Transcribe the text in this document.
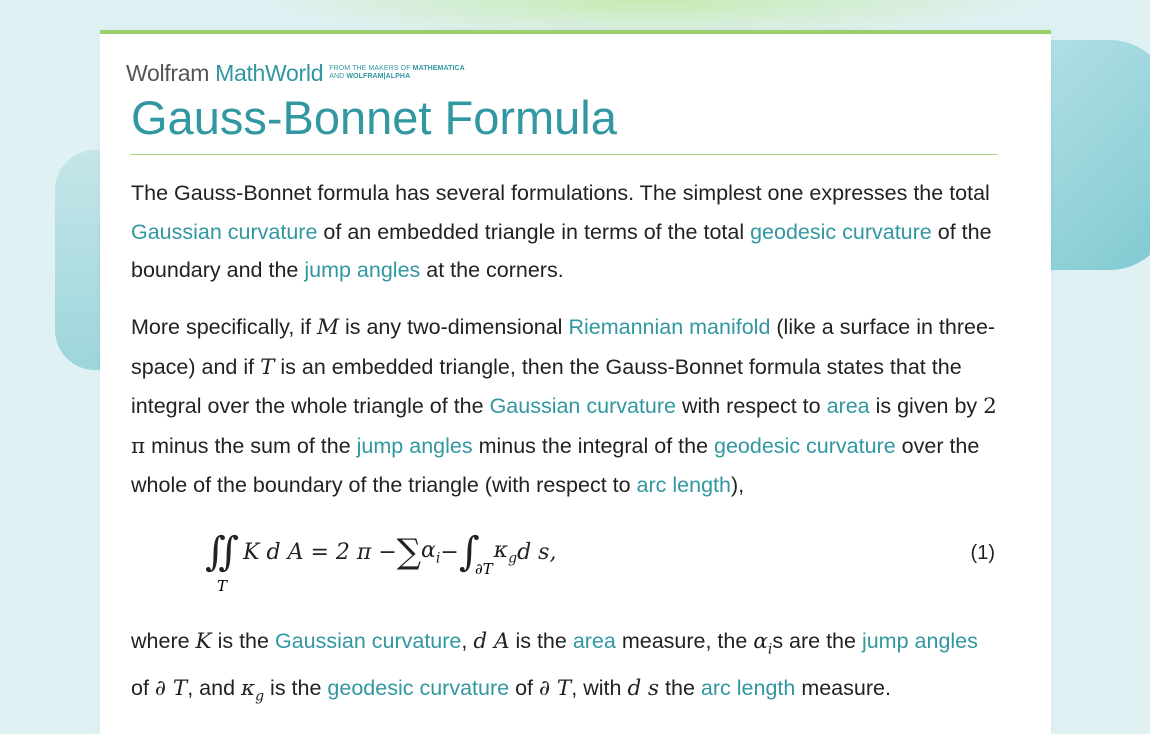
Wolfram MathWorld FROM THE MAKERS OF MATHEMATICA
AND WOLFRAM|ALPHA
Gauss-Bonnet Formula
The Gauss-Bonnet formula has several formulations. The simplest one expresses the total Gaussian curvature of an embedded triangle in terms of the total geodesic curvature of the boundary and the jump angles at the corners.
More specifically, if M is any two-dimensional Riemannian manifold (like a surface in three-space) and if T is an embedded triangle, then the Gauss-Bonnet formula states that the integral over the whole triangle of the Gaussian curvature with respect to area is given by 2 π minus the sum of the jump angles minus the integral of the geodesic curvature over the whole of the boundary of the triangle (with respect to arc length),
∬ K d A = 2 π − ∑ $\alpha_i$ − ∫ $\kappa_g$ d s,
T
∂T
(1)
where K is the Gaussian curvature, d A is the area measure, the $\alpha_is$ are the jump angles of ∂ T, and $\kappa_g$ is the geodesic curvature of ∂ T, with d s the arc length measure.
